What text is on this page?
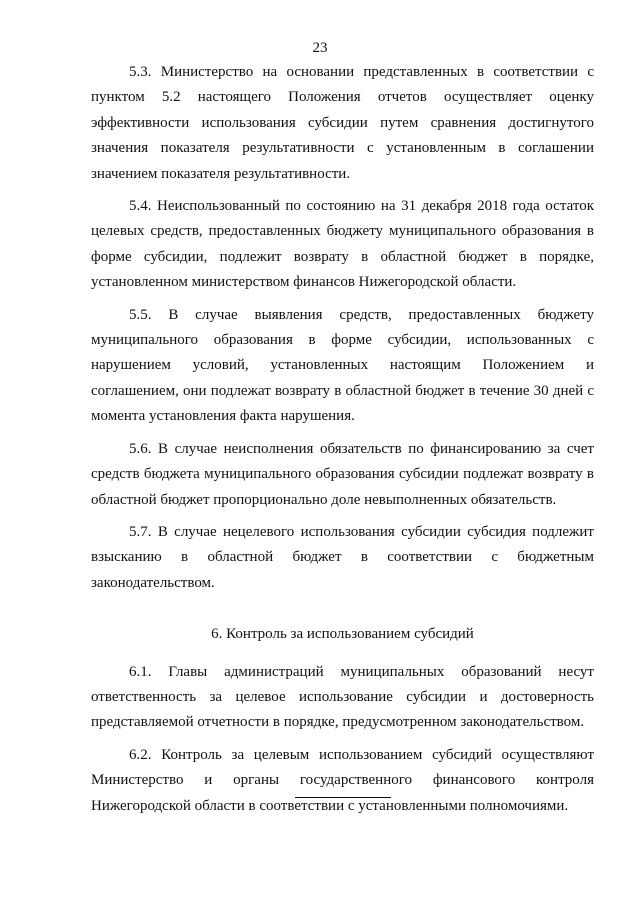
23

5.3. Министерство на основании представленных в соответствии с пунктом 5.2 настоящего Положения отчетов осуществляет оценку эффективности использования субсидии путем сравнения достигнутого значения показателя результативности с установленным в соглашении значением показателя результативности.

5.4. Неиспользованный по состоянию на 31 декабря 2018 года остаток целевых средств, предоставленных бюджету муниципального образования в форме субсидии, подлежит возврату в областной бюджет в порядке, установленном министерством финансов Нижегородской области.

5.5. В случае выявления средств, предоставленных бюджету муниципального образования в форме субсидии, использованных с нарушением условий, установленных настоящим Положением и соглашением, они подлежат возврату в областной бюджет в течение 30 дней с момента установления факта нарушения.

5.6. В случае неисполнения обязательств по финансированию за счет средств бюджета муниципального образования субсидии подлежат возврату в областной бюджет пропорционально доле невыполненных обязательств.

5.7. В случае нецелевого использования субсидии субсидия подлежит взысканию в областной бюджет в соответствии с бюджетным законодательством.

6. Контроль за использованием субсидий

6.1. Главы администраций муниципальных образований несут ответственность за целевое использование субсидии и достоверность представляемой отчетности в порядке, предусмотренном законодательством.

6.2. Контроль за целевым использованием субсидий осуществляют Министерство и органы государственного финансового контроля Нижегородской области в соответствии с установленными полномочиями.
